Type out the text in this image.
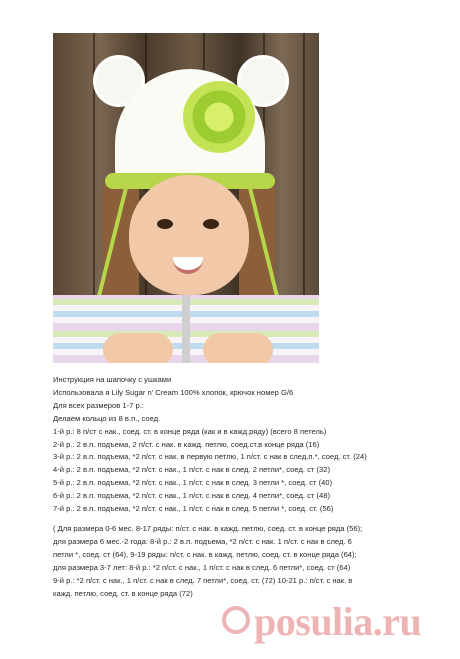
Инструкция на шапочку с ушками
Использовала я Lily Sugar n' Cream 100% хлопок, крючок номер G/6
Для всех размеров 1-7 р.:
Делаем кольцо из 8 в.п., соед.
1-й р.: 8 п/ст с нак., соед. ст. в конце ряда (как и в кажд.ряду) (всего 8 петель)
2-й р.: 2 в.п. подъема, 2 п/ст. с нак. в кажд. петлю, соед.ст.в конце ряда (16)
3-й р.: 2 в.п. подъема, *2 п/ст. с нак. в первую петлю, 1 п/ст. с нак в след.п.*, соед. ст. (24)
4-й р.: 2 в.п. подъема, *2 п/ст. с нак., 1 п/ст. с нак в след. 2 петли*, соед. ст (32)
5-й р.: 2 в.п. подъема, *2 п/ст. с нак., 1 п/ст. с нак в след. 3 петли *, соед. ст (40)
6-й р.: 2 в.п. подъема, *2 п/ст. с нак., 1 п/ст. с нак в след. 4 петли*, соед. ст (48)
7-й р.: 2 в.п. подъема, *2 п/ст. с нак., 1 п/ст. с нак в след. 5 петли *, соед. ст. (56)
( Для размера 0-6 мес. 8-17 ряды: п/ст. с нак. в кажд. петлю, соед. ст. в конце ряда (56);
для размера 6 мес.-2 года: 8-й р.: 2 в.п. подъема, *2 п/ст. с нак. 1 п/ст. с нак в след. 6
петли *, соед. ст (64), 9-19 ряды: п/ст. с нак. в кажд. петлю, соед. ст. в конце ряда (64);
для размера 3-7 лет: 8-й р.: *2 п/ст. с нак., 1 п/ст. с нак в след. 6 петли*, соед. ст (64)
9-й р.: *2 п/ст. с нак., 1 п/ст. с нак в след. 7 петли*, соед. ст. (72) 10-21 р.: п/ст. с нак. в
кажд. петлю, соед. ст. в конце ряда (72)
posulia.ru
